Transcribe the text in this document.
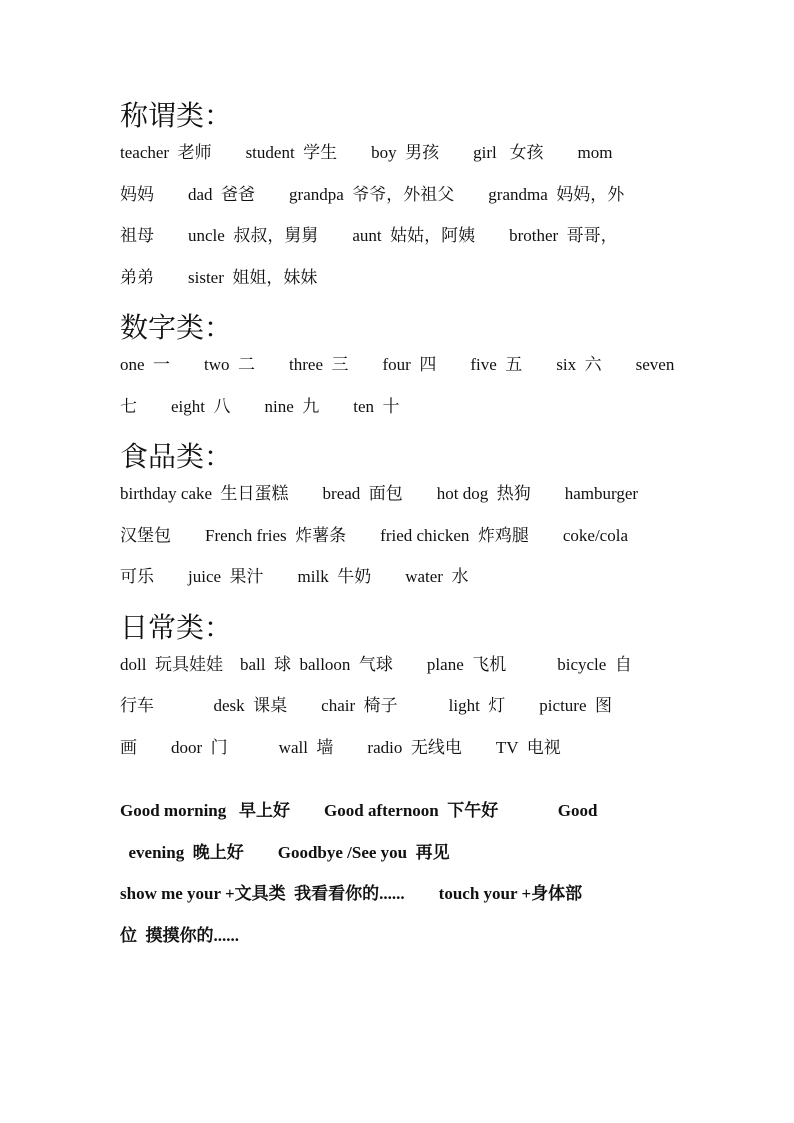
称谓类：
teacher  老师        student  学生        boy  男孩        girl   女孩        mom
妈妈        dad  爸爸        grandpa  爷爷，外祖父        grandma  妈妈，外
祖母        uncle  叔叔，舅舅        aunt  姑姑，阿姨        brother  哥哥，
弟弟        sister  姐姐，妹妹
数字类：
one  一        two  二        three  三        four  四        five  五        six  六        seven
七        eight  八        nine  九        ten  十
食品类：
birthday cake  生日蛋糕        bread  面包        hot dog  热狗        hamburger
汉堡包        French fries  炸薯条        fried chicken  炸鸡腿        coke/cola
可乐        juice  果汁        milk  牛奶        water  水
日常类：
doll  玩具娃娃    ball  球  balloon  气球        plane  飞机            bicycle  自
行车              desk  课桌        chair  椅子            light  灯        picture  图
画        door  门            wall  墙        radio  无线电        TV  电视
Good morning   早上好        Good afternoon  下午好              Good
evening  晚上好        Goodbye /See you  再见
show me your +文具类  我看看你的......        touch your +身体部
位  摸摸你的......
